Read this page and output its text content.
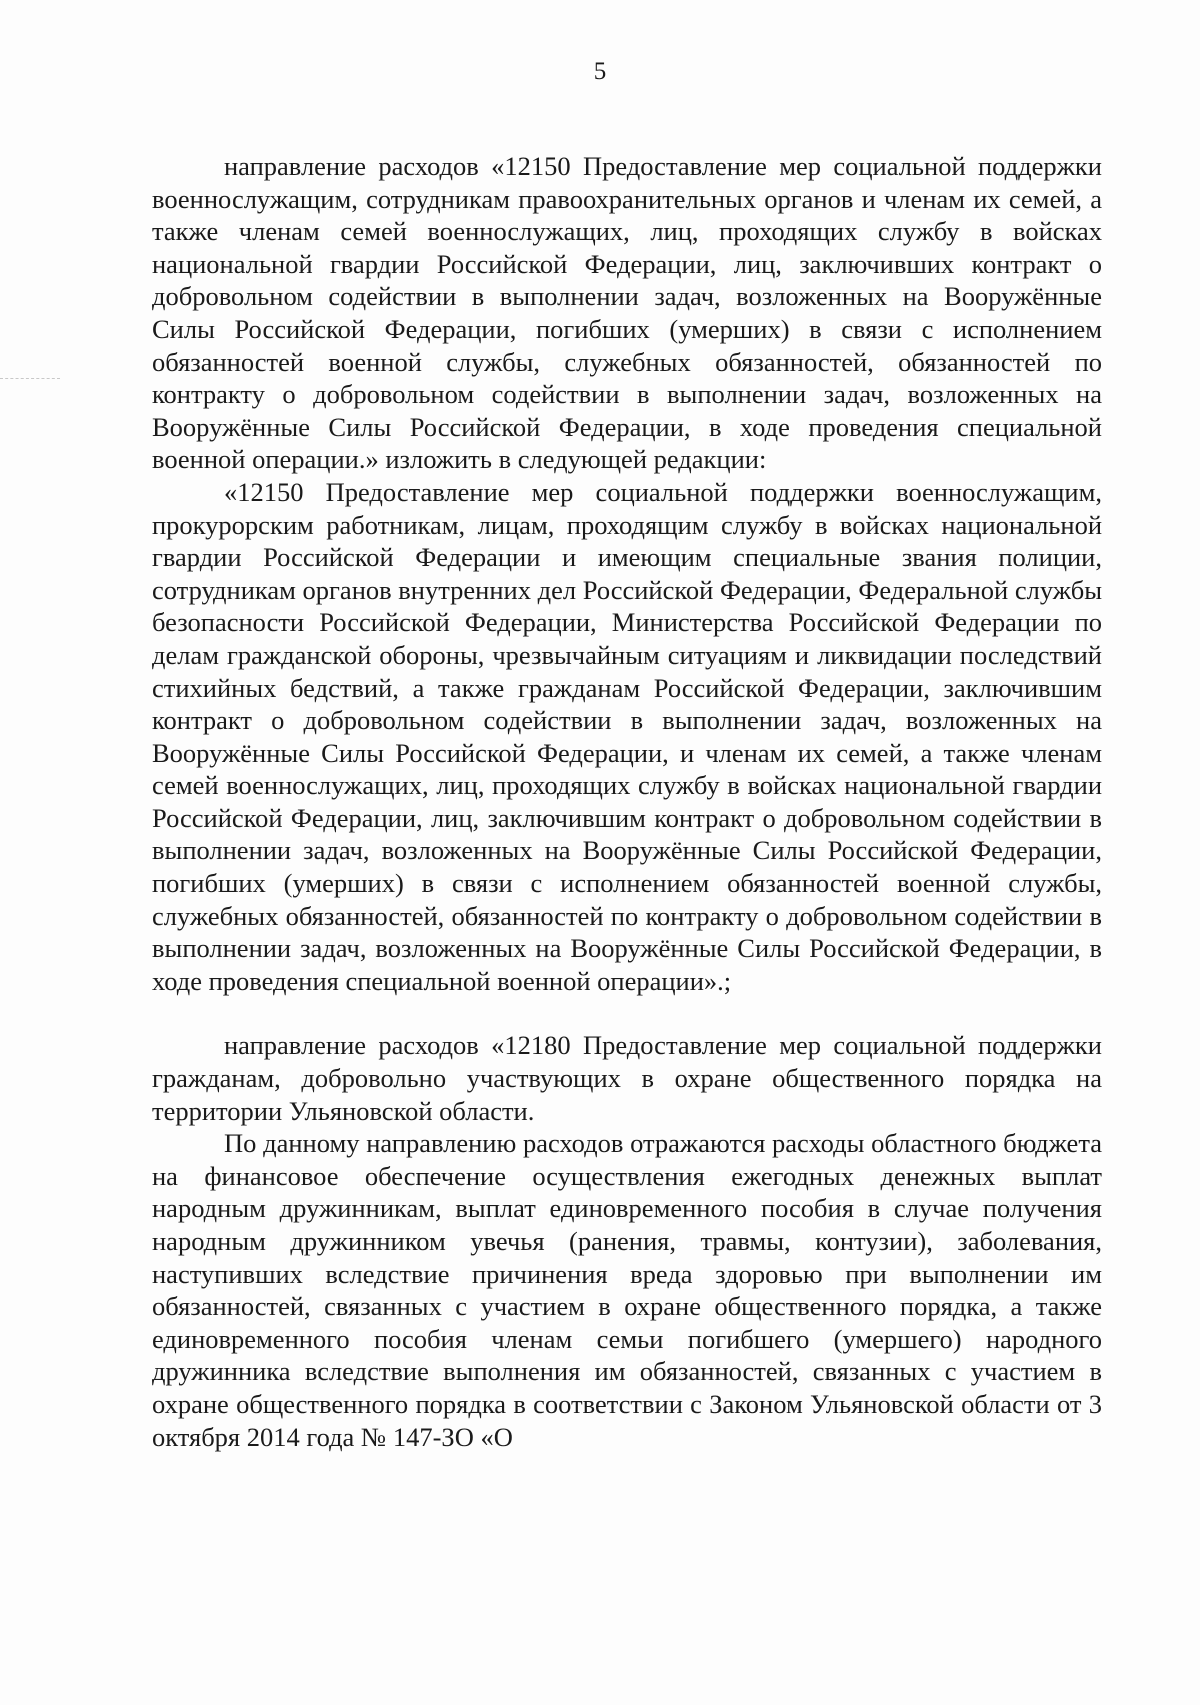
5

направление расходов «12150 Предоставление мер социальной поддержки военнослужащим, сотрудникам правоохранительных органов и членам их семей, а также членам семей военнослужащих, лиц, проходящих службу в войсках национальной гвардии Российской Федерации, лиц, заключивших контракт о добровольном содействии в выполнении задач, возложенных на Вооружённые Силы Российской Федерации, погибших (умерших) в связи с исполнением обязанностей военной службы, служебных обязанностей, обязанностей по контракту о добровольном содействии в выполнении задач, возложенных на Вооружённые Силы Российской Федерации, в ходе проведения специальной военной операции.» изложить в следующей редакции:

«12150 Предоставление мер социальной поддержки военнослужащим, прокурорским работникам, лицам, проходящим службу в войсках национальной гвардии Российской Федерации и имеющим специальные звания полиции, сотрудникам органов внутренних дел Российской Федерации, Федеральной службы безопасности Российской Федерации, Министерства Российской Федерации по делам гражданской обороны, чрезвычайным ситуациям и ликвидации последствий стихийных бедствий, а также гражданам Российской Федерации, заключившим контракт о добровольном содействии в выполнении задач, возложенных на Вооружённые Силы Российской Федерации, и членам их семей, а также членам семей военнослужащих, лиц, проходящих службу в войсках национальной гвардии Российской Федерации, лиц, заключившим контракт о добровольном содействии в выполнении задач, возложенных на Вооружённые Силы Российской Федерации, погибших (умерших) в связи с исполнением обязанностей военной службы, служебных обязанностей, обязанностей по контракту о добровольном содействии в выполнении задач, возложенных на Вооружённые Силы Российской Федерации, в ходе проведения специальной военной операции».;

направление расходов «12180 Предоставление мер социальной поддержки гражданам, добровольно участвующих в охране общественного порядка на территории Ульяновской области.

По данному направлению расходов отражаются расходы областного бюджета на финансовое обеспечение осуществления ежегодных денежных выплат народным дружинникам, выплат единовременного пособия в случае получения народным дружинником увечья (ранения, травмы, контузии), заболевания, наступивших вследствие причинения вреда здоровью при выполнении им обязанностей, связанных с участием в охране общественного порядка, а также единовременного пособия членам семьи погибшего (умершего) народного дружинника вследствие выполнения им обязанностей, связанных с участием в охране общественного порядка в соответствии с Законом Ульяновской области от 3 октября 2014 года № 147-ЗО «О
